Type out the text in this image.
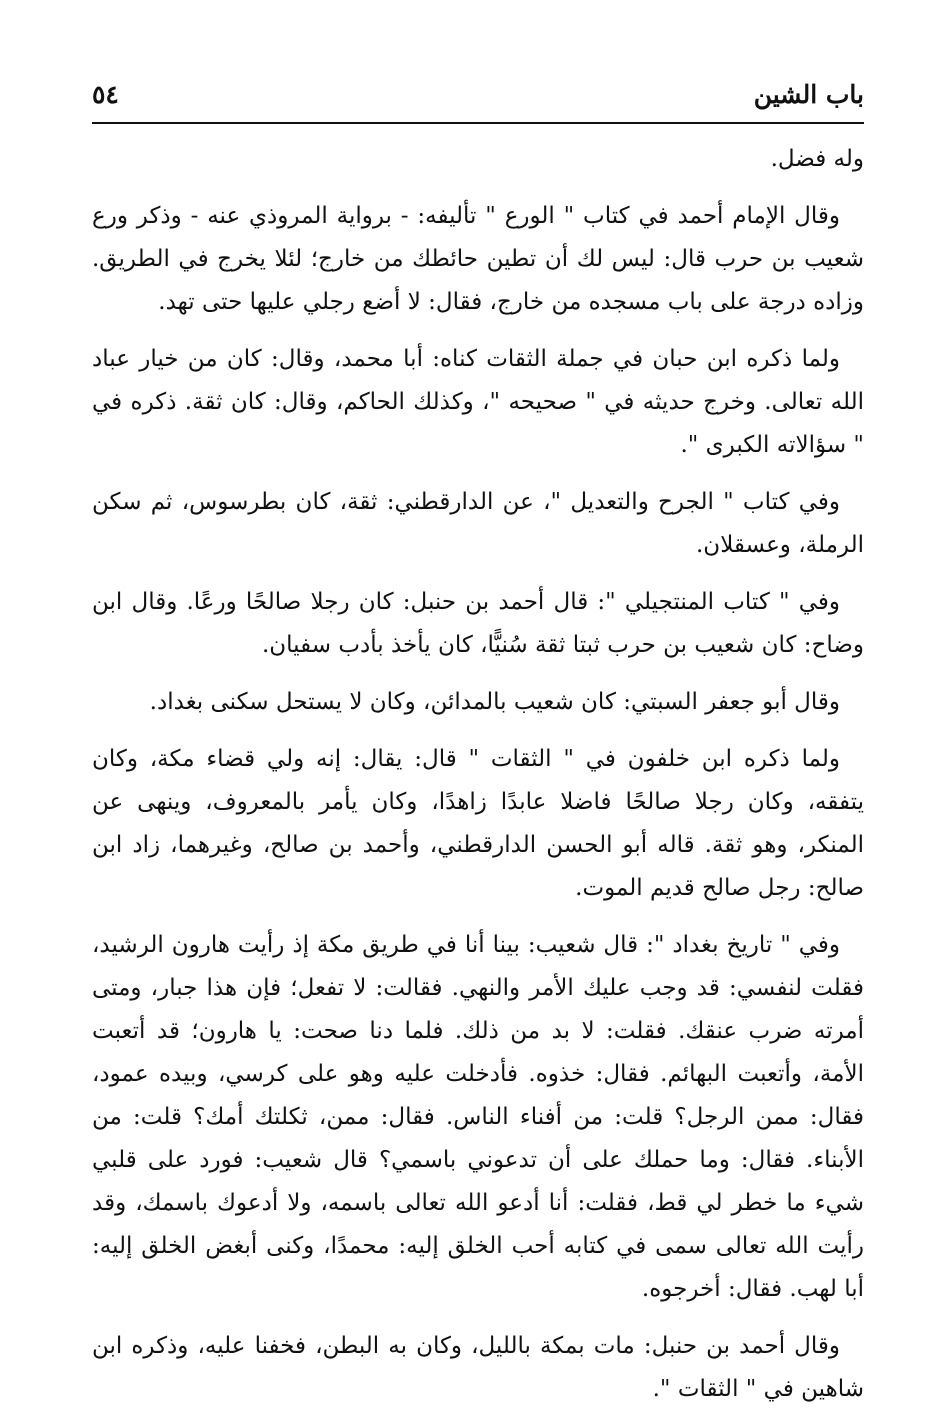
باب الشين
٥٤

وله فضل.

وقال الإمام أحمد في كتاب " الورع " تأليفه: - برواية المروذي عنه - وذكر ورع شعيب بن حرب قال: ليس لك أن تطين حائطك من خارج؛ لئلا يخرج في الطريق. وزاده درجة على باب مسجده من خارج، فقال: لا أضع رجلي عليها حتى تهد.

ولما ذكره ابن حبان في جملة الثقات كناه: أبا محمد، وقال: كان من خيار عباد الله تعالى. وخرج حديثه في " صحيحه "، وكذلك الحاكم، وقال: كان ثقة. ذكره في " سؤالاته الكبرى ".

وفي كتاب " الجرح والتعديل "، عن الدارقطني: ثقة، كان بطرسوس، ثم سكن الرملة، وعسقلان.

وفي " كتاب المنتجيلي ": قال أحمد بن حنبل: كان رجلا صالحًا ورعًا. وقال ابن وضاح: كان شعيب بن حرب ثبتا ثقة سُنيًّا، كان يأخذ بأدب سفيان.

وقال أبو جعفر السبتي: كان شعيب بالمدائن، وكان لا يستحل سكنى بغداد.

ولما ذكره ابن خلفون في " الثقات " قال: يقال: إنه ولي قضاء مكة، وكان يتفقه، وكان رجلا صالحًا فاضلا عابدًا زاهدًا، وكان يأمر بالمعروف، وينهى عن المنكر، وهو ثقة. قاله أبو الحسن الدارقطني، وأحمد بن صالح، وغيرهما، زاد ابن صالح: رجل صالح قديم الموت.

وفي " تاريخ بغداد ": قال شعيب: بينا أنا في طريق مكة إذ رأيت هارون الرشيد، فقلت لنفسي: قد وجب عليك الأمر والنهي. فقالت: لا تفعل؛ فإن هذا جبار، ومتى أمرته ضرب عنقك. فقلت: لا بد من ذلك. فلما دنا صحت: يا هارون؛ قد أتعبت الأمة، وأتعبت البهائم. فقال: خذوه. فأدخلت عليه وهو على كرسي، وبيده عمود، فقال: ممن الرجل؟ قلت: من أفناء الناس. فقال: ممن، ثكلتك أمك؟ قلت: من الأبناء. فقال: وما حملك على أن تدعوني باسمي؟ قال شعيب: فورد على قلبي شيء ما خطر لي قط، فقلت: أنا أدعو الله تعالى باسمه، ولا أدعوك باسمك، وقد رأيت الله تعالى سمى في كتابه أحب الخلق إليه: محمدًا، وكنى أبغض الخلق إليه: أبا لهب. فقال: أخرجوه.

وقال أحمد بن حنبل: مات بمكة بالليل، وكان به البطن، فخفنا عليه، وذكره ابن شاهين في " الثقات ".
